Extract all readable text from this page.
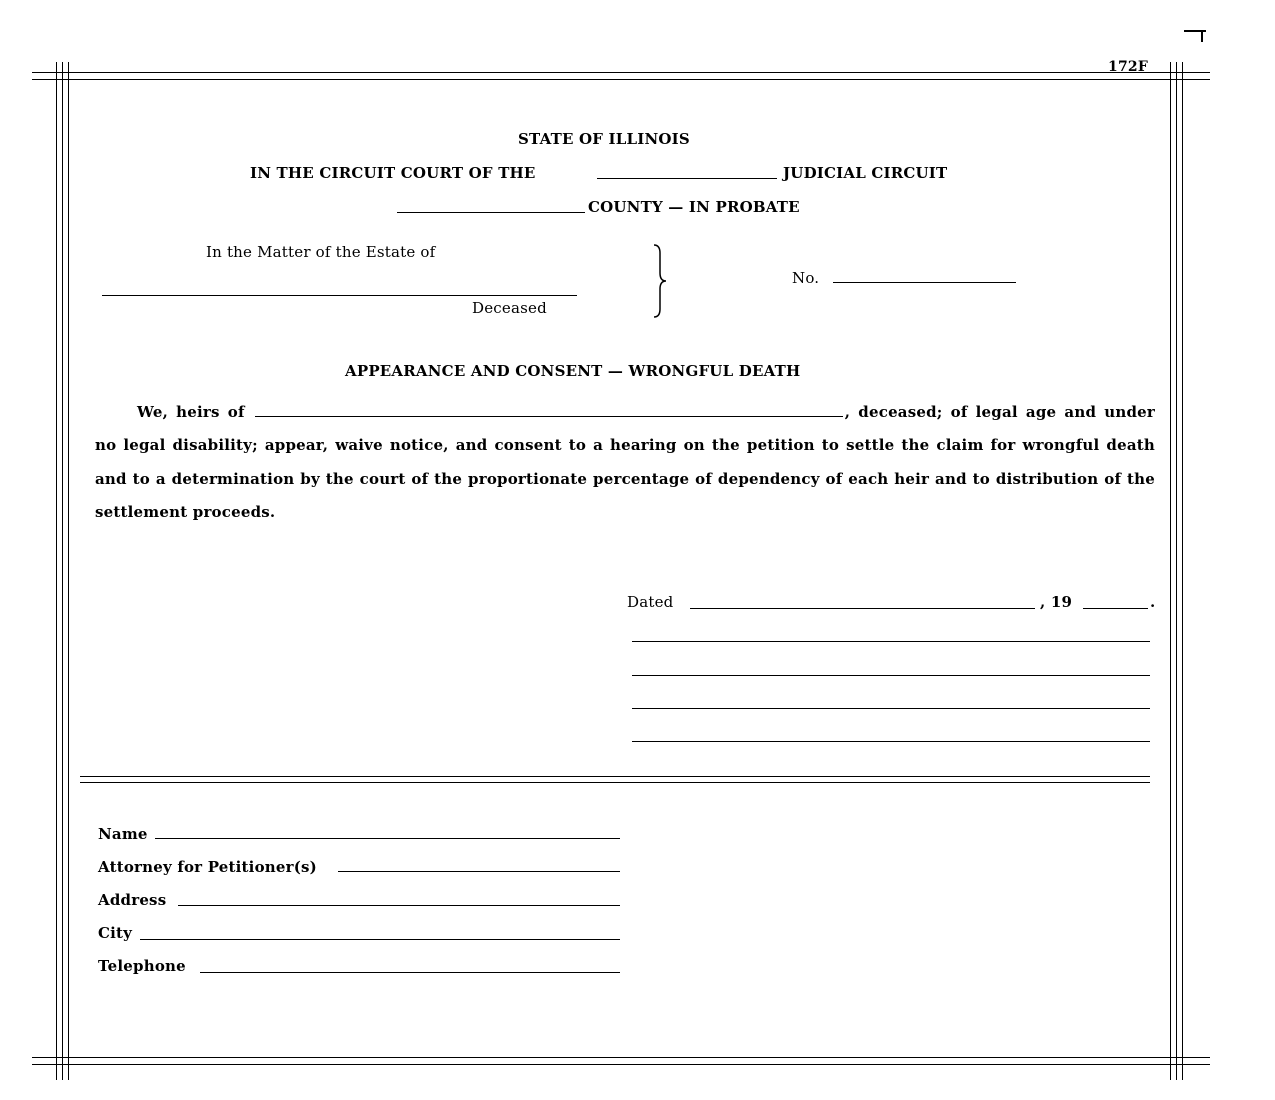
172F
STATE OF ILLINOIS
IN THE CIRCUIT COURT OF THE	JUDICIAL CIRCUIT
COUNTY — IN PROBATE
In the Matter of the Estate of
Deceased
No.
APPEARANCE AND CONSENT — WRONGFUL DEATH
We, heirs of	, deceased; of legal age and under no legal disability; appear, waive notice, and consent to a hearing on the petition to settle the claim for wrongful death and to a determination by the court of the proportionate percentage of dependency of each heir and to distribution of the settlement proceeds.
Dated	, 19	.
Name
Attorney for Petitioner(s)
Address
City
Telephone
